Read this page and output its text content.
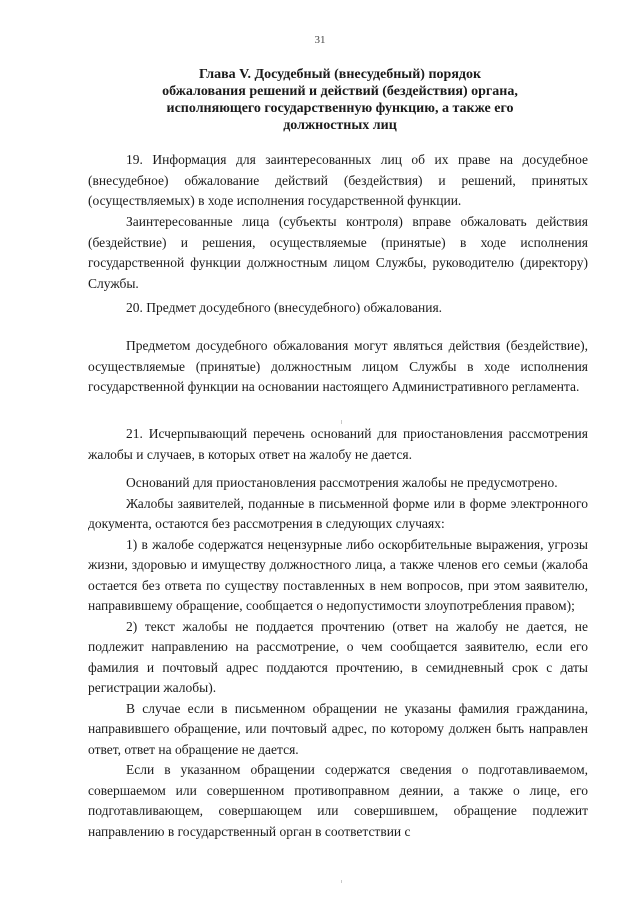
31
Глава V. Досудебный (внесудебный) порядок
обжалования решений и действий (бездействия) органа,
исполняющего государственную функцию, а также его
должностных лиц

19. Информация для заинтересованных лиц об их праве на досудебное (внесудебное) обжалование действий (бездействия) и решений, принятых (осуществляемых) в ходе исполнения государственной функции.

Заинтересованные лица (субъекты контроля) вправе обжаловать действия (бездействие) и решения, осуществляемые (принятые) в ходе исполнения государственной функции должностным лицом Службы, руководителю (директору) Службы.

20. Предмет досудебного (внесудебного) обжалования.

Предметом досудебного обжалования могут являться действия (бездействие), осуществляемые (принятые) должностным лицом Службы в ходе исполнения государственной функции на основании настоящего Административного регламента.

21. Исчерпывающий перечень оснований для приостановления рассмотрения жалобы и случаев, в которых ответ на жалобу не дается.

Оснований для приостановления рассмотрения жалобы не предусмотрено.

Жалобы заявителей, поданные в письменной форме или в форме электронного документа, остаются без рассмотрения в следующих случаях:

1) в жалобе содержатся нецензурные либо оскорбительные выражения, угрозы жизни, здоровью и имуществу должностного лица, а также членов его семьи (жалоба остается без ответа по существу поставленных в нем вопросов, при этом заявителю, направившему обращение, сообщается о недопустимости злоупотребления правом);

2) текст жалобы не поддается прочтению (ответ на жалобу не дается, не подлежит направлению на рассмотрение, о чем сообщается заявителю, если его фамилия и почтовый адрес поддаются прочтению, в семидневный срок с даты регистрации жалобы).

В случае если в письменном обращении не указаны фамилия гражданина, направившего обращение, или почтовый адрес, по которому должен быть направлен ответ, ответ на обращение не дается.

Если в указанном обращении содержатся сведения о подготавливаемом, совершаемом или совершенном противоправном деянии, а также о лице, его подготавливающем, совершающем или совершившем, обращение подлежит направлению в государственный орган в соответствии с
